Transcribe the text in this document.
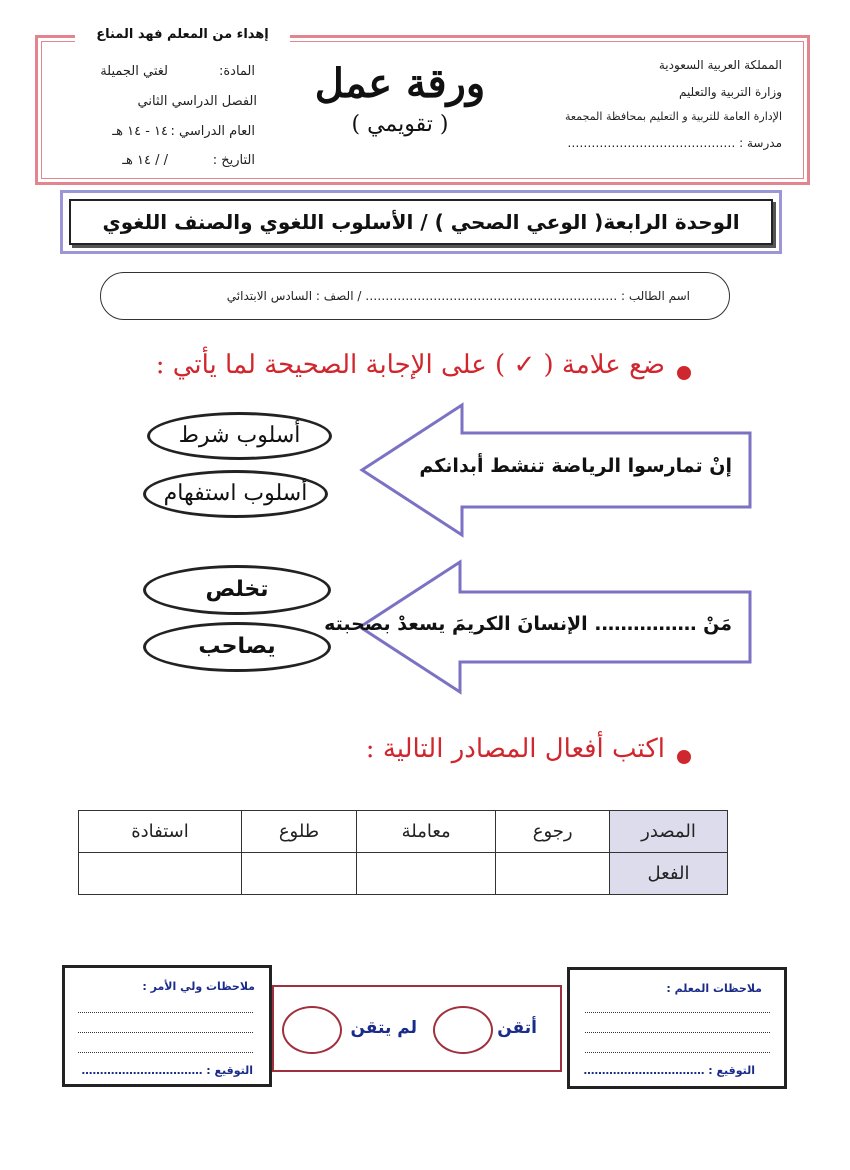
إهداء من المعلم فهد المناع
المملكة العربية السعودية
وزارة التربية والتعليم
الإدارة العامة للتربية و التعليم بمحافظة المجمعة
مدرسة : ……………………………………
ورقة عمل
( تقويمي )
المادة:لغتي الجميلة
الفصل الدراسي الثاني
العام الدراسي :١٤ - ١٤ هـ
التاريخ :/ / ١٤ هـ
الوحدة الرابعة( الوعي الصحي ) / الأسلوب اللغوي والصنف اللغوي
اسم الطالب : ……………………………………………………… / الصف : السادس الابتدائي
ضع علامة ( ✓ ) على الإجابة الصحيحة لما يأتي :
إنْ تمارسوا الرياضة تنشط أبدانكم
أسلوب شرط
أسلوب استفهام
مَنْ ……………. الإنسانَ الكريمَ يسعدْ بصحبته
تخلص
يصاحب
اكتب أفعال المصادر التالية :
المصدر	رجوع	معاملة	طلوع	استفادة
الفعل				
ملاحظات المعلم :
التوقيع : ……………………………
أتقن
لم يتقن
ملاحظات ولي الأمر :
التوقيع : ……………………………
